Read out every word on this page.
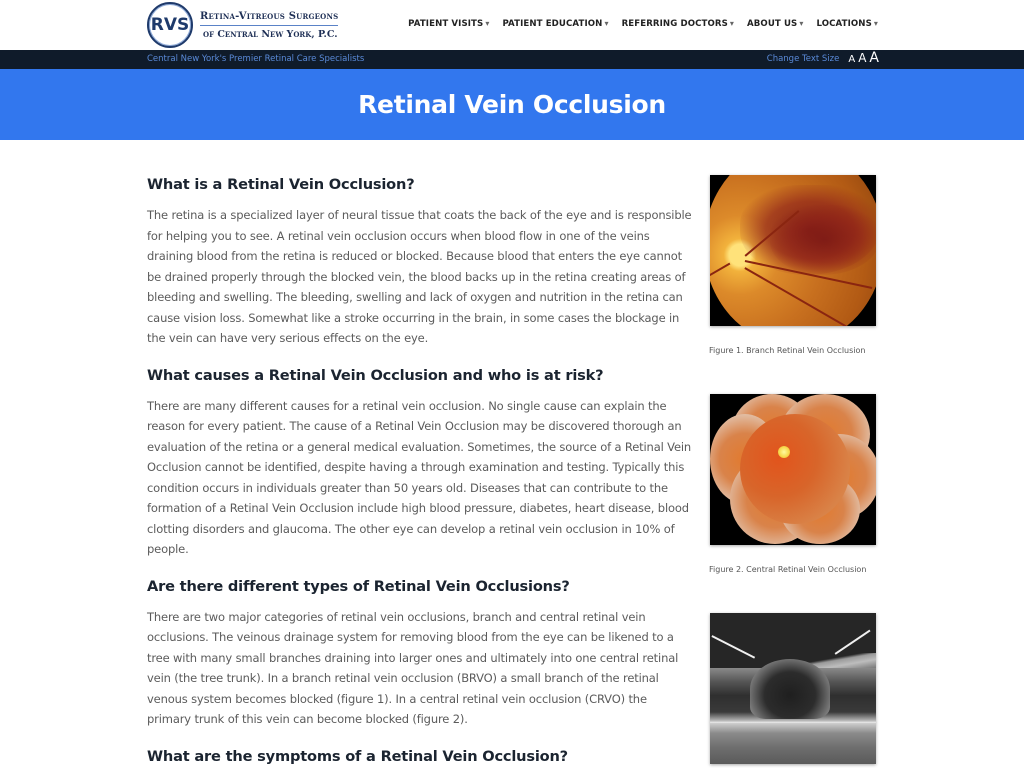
RVS	Retina-Vitreous Surgeons
of Central New York, P.C.
PATIENT VISITS ▾ PATIENT EDUCATION ▾ REFERRING DOCTORS ▾ ABOUT US ▾ LOCATIONS ▾
Central New York's Premier Retinal Care Specialists	Change Text Size A A A
Retinal Vein Occlusion
What is a Retinal Vein Occlusion?

The retina is a specialized layer of neural tissue that coats the back of the eye and is responsible for helping you to see. A retinal vein occlusion occurs when blood flow in one of the veins draining blood from the retina is reduced or blocked. Because blood that enters the eye cannot be drained properly through the blocked vein, the blood backs up in the retina creating areas of bleeding and swelling. The bleeding, swelling and lack of oxygen and nutrition in the retina can cause vision loss. Somewhat like a stroke occurring in the brain, in some cases the blockage in the vein can have very serious effects on the eye.

What causes a Retinal Vein Occlusion and who is at risk?

There are many different causes for a retinal vein occlusion. No single cause can explain the reason for every patient. The cause of a Retinal Vein Occlusion may be discovered thorough an evaluation of the retina or a general medical evaluation. Sometimes, the source of a Retinal Vein Occlusion cannot be identified, despite having a through examination and testing. Typically this condition occurs in individuals greater than 50 years old. Diseases that can contribute to the formation of a Retinal Vein Occlusion include high blood pressure, diabetes, heart disease, blood clotting disorders and glaucoma. The other eye can develop a retinal vein occlusion in 10% of people.

Are there different types of Retinal Vein Occlusions?

There are two major categories of retinal vein occlusions, branch and central retinal vein occlusions. The veinous drainage system for removing blood from the eye can be likened to a tree with many small branches draining into larger ones and ultimately into one central retinal vein (the tree trunk). In a branch retinal vein occlusion (BRVO) a small branch of the retinal venous system becomes blocked (figure 1). In a central retinal vein occlusion (CRVO) the primary trunk of this vein can become blocked (figure 2).

What are the symptoms of a Retinal Vein Occlusion?
Figure 1. Branch Retinal Vein Occlusion
Figure 2. Central Retinal Vein Occlusion
